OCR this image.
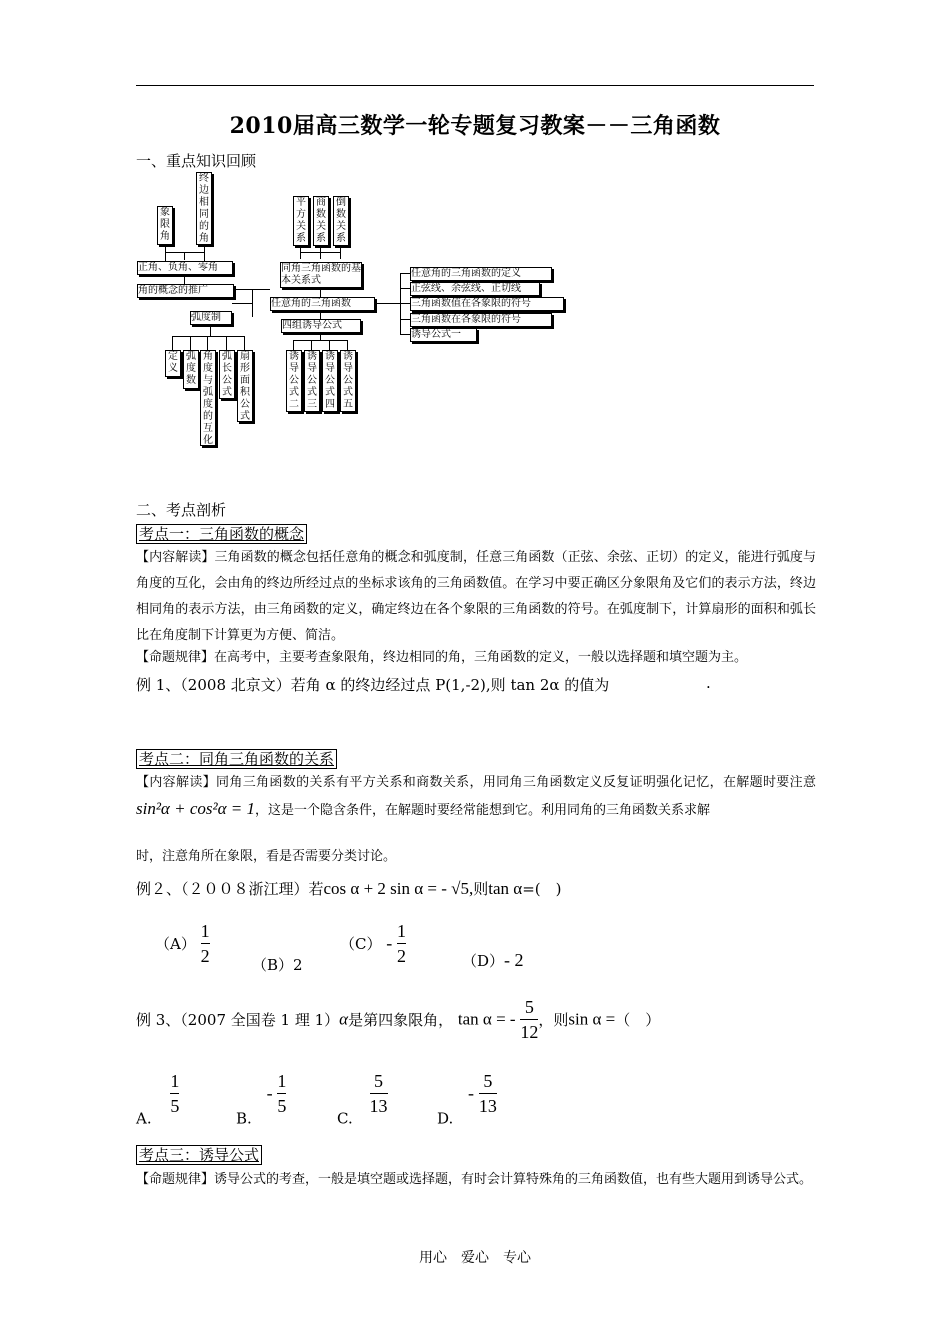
2010届高三数学一轮专题复习教案－－三角函数
一、重点知识回顾
象限角
终边相同的角
正角、负角、零角
角的概念的推广
弧度制
定义
弧度数
角度与弧度的互化
弧长公式
扇形面积公式
平方关系
商数关系
倒数关系
同角三角函数的基本关系式
任意角的三角函数
四组诱导公式
诱导公式二
诱导公式三
诱导公式四
诱导公式五
任意角的三角函数的定义
正弦线、余弦线、正切线
三角函数值在各象限的符号
三角函数在各象限的符号
诱导公式一
二、考点剖析
考点一：三角函数的概念
【内容解读】三角函数的概念包括任意角的概念和弧度制，任意三角函数（正弦、余弦、正切）的定义，能进行弧度与角度的互化，会由角的终边所经过点的坐标求该角的三角函数值。在学习中要正确区分象限角及它们的表示方法，终边相同角的表示方法，由三角函数的定义，确定终边在各个象限的三角函数的符号。在弧度制下，计算扇形的面积和弧长比在角度制下计算更为方便、简洁。
【命题规律】在高考中，主要考查象限角，终边相同的角，三角函数的定义，一般以选择题和填空题为主。
例 1、（2008 北京文）若角 α 的终边经过点 P(1,-2),则 tan 2α 的值为	.
考点二：同角三角函数的关系
【内容解读】同角三角函数的关系有平方关系和商数关系，用同角三角函数定义反复证明强化记忆，在解题时要注意sin²α + cos²α = 1，这是一个隐含条件，在解题时要经常能想到它。利用同角的三角函数关系求解
时，注意角所在象限，看是否需要分类讨论。
例２、（２００８浙江理）若cos α + 2 sin α = - √5,则tan α=(　)
$(A) \frac{1}{2}$	（B）2
$(C) - \frac{1}{2}$	（D）- 2
例 3、（2007 全国卷 1 理 1）α是第四象限角， tan α = - $\frac{5}{12}$ ，则sin α =（　）
A.
$\frac{1}{5}$
B. - $\frac{1}{5}$
C.
$\frac{5}{13}$
D. - $\frac{5}{13}$
考点三：诱导公式
【命题规律】诱导公式的考查，一般是填空题或选择题，有时会计算特殊角的三角函数值，也有些大题用到诱导公式。
用心　爱心　专心
